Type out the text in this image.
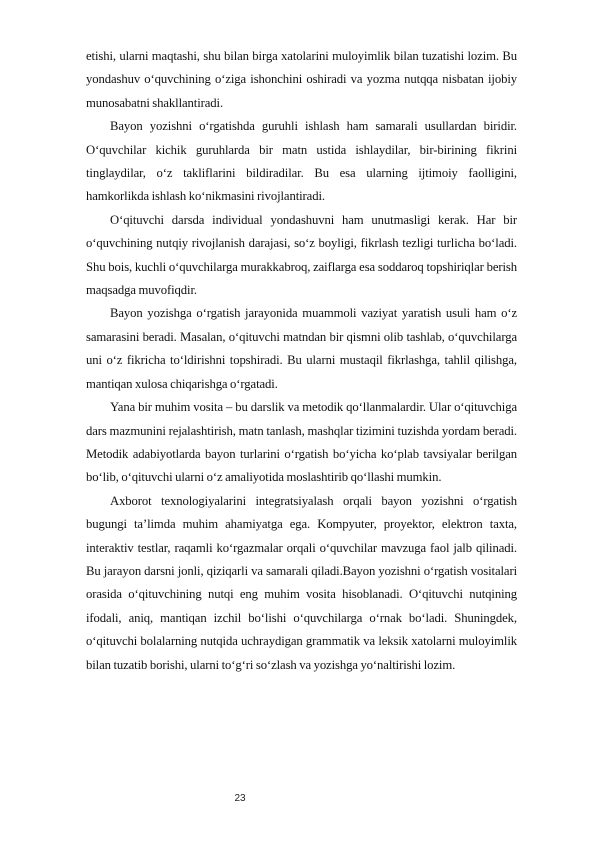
etishi, ularni maqtashi, shu bilan birga xatolarini muloyimlik bilan tuzatishi lozim. Bu yondashuv o‘quvchining o‘ziga ishonchini oshiradi va yozma nutqqa nisbatan ijobiy munosabatni shakllantiradi.

Bayon yozishni o‘rgatishda guruhli ishlash ham samarali usullardan biridir. O‘quvchilar kichik guruhlarda bir matn ustida ishlaydilar, bir-birining fikrini tinglaydilar, o‘z takliflarini bildiradilar. Bu esa ularning ijtimoiy faolligini, hamkorlikda ishlash ko‘nikmasini rivojlantiradi.

O‘qituvchi darsda individual yondashuvni ham unutmasligi kerak. Har bir o‘quvchining nutqiy rivojlanish darajasi, so‘z boyligi, fikrlash tezligi turlicha bo‘ladi. Shu bois, kuchli o‘quvchilarga murakkabroq, zaiflarga esa soddaroq topshiriqlar berish maqsadga muvofiqdir.

Bayon yozishga o‘rgatish jarayonida muammoli vaziyat yaratish usuli ham o‘z samarasini beradi. Masalan, o‘qituvchi matndan bir qismni olib tashlab, o‘quvchilarga uni o‘z fikricha to‘ldirishni topshiradi. Bu ularni mustaqil fikrlashga, tahlil qilishga, mantiqan xulosa chiqarishga o‘rgatadi.

Yana bir muhim vosita – bu darslik va metodik qo‘llanmalardir. Ular o‘qituvchiga dars mazmunini rejalashtirish, matn tanlash, mashqlar tizimini tuzishda yordam beradi. Metodik adabiyotlarda bayon turlarini o‘rgatish bo‘yicha ko‘plab tavsiyalar berilgan bo‘lib, o‘qituvchi ularni o‘z amaliyotida moslashtirib qo‘llashi mumkin.

Axborot texnologiyalarini integratsiyalash orqali bayon yozishni o‘rgatish bugungi ta’limda muhim ahamiyatga ega. Kompyuter, proyektor, elektron taxta, interaktiv testlar, raqamli ko‘rgazmalar orqali o‘quvchilar mavzuga faol jalb qilinadi. Bu jarayon darsni jonli, qiziqarli va samarali qiladi.Bayon yozishni o‘rgatish vositalari orasida o‘qituvchining nutqi eng muhim vosita hisoblanadi. O‘qituvchi nutqining ifodali, aniq, mantiqan izchil bo‘lishi o‘quvchilarga o‘rnak bo‘ladi. Shuningdek, o‘qituvchi bolalarning nutqida uchraydigan grammatik va leksik xatolarni muloyimlik bilan tuzatib borishi, ularni to‘g‘ri so‘zlash va yozishga yo‘naltirishi lozim.

23
